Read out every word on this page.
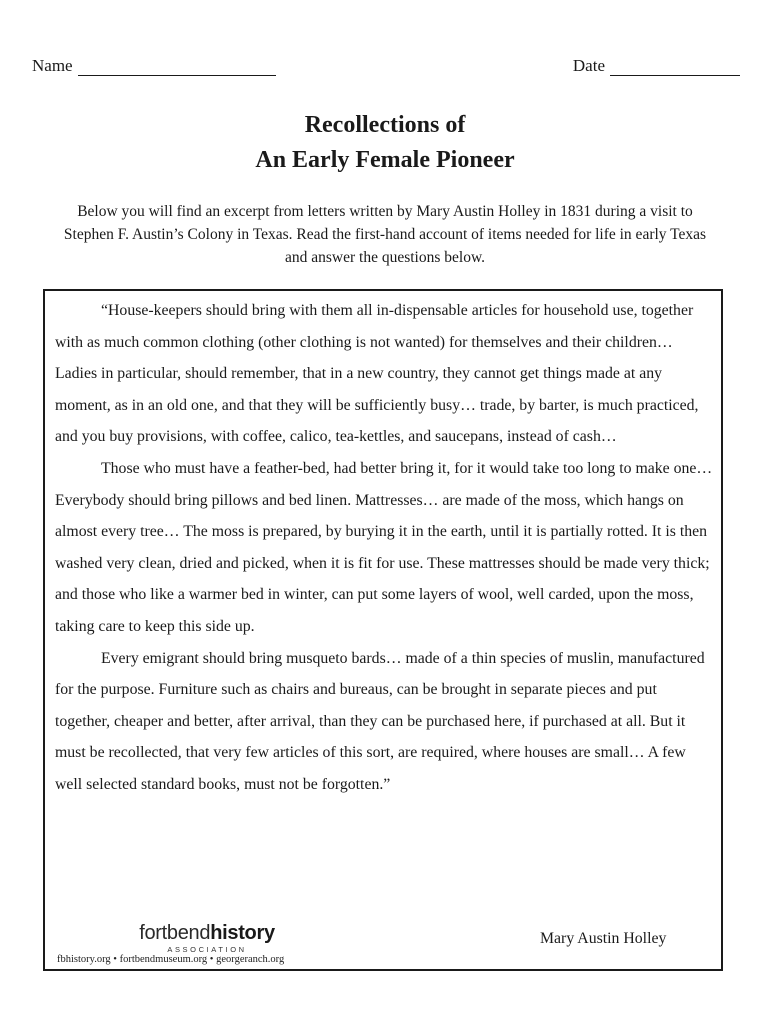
Name	Date
Recollections of
An Early Female Pioneer
Below you will find an excerpt from letters written by Mary Austin Holley in 1831 during a visit to Stephen F. Austin’s Colony in Texas. Read the first-hand account of items needed for life in early Texas and answer the questions below.

“House-keepers should bring with them all in-dispensable articles for household use, together with as much common clothing (other clothing is not wanted) for themselves and their children… Ladies in particular, should remember, that in a new country, they cannot get things made at any moment, as in an old one, and that they will be sufficiently busy… trade, by barter, is much practiced, and you buy provisions, with coffee, calico, tea-kettles, and saucepans, instead of cash…

Those who must have a feather-bed, had better bring it, for it would take too long to make one… Everybody should bring pillows and bed linen. Mattresses… are made of the moss, which hangs on almost every tree… The moss is prepared, by burying it in the earth, until it is partially rotted. It is then washed very clean, dried and picked, when it is fit for use. These mattresses should be made very thick; and those who like a warmer bed in winter, can put some layers of wool, well carded, upon the moss, taking care to keep this side up.

Every emigrant should bring musqueto bards… made of a thin species of muslin, manufactured for the purpose. Furniture such as chairs and bureaus, can be brought in separate pieces and put together, cheaper and better, after arrival, than they can be purchased here, if purchased at all. But it must be recollected, that very few articles of this sort, are required, where houses are small… A few well selected standard books, must not be forgotten.”

fortbendhistory
ASSOCIATION
fbhistory.org • fortbendmuseum.org • georgeranch.org
Mary Austin Holley
